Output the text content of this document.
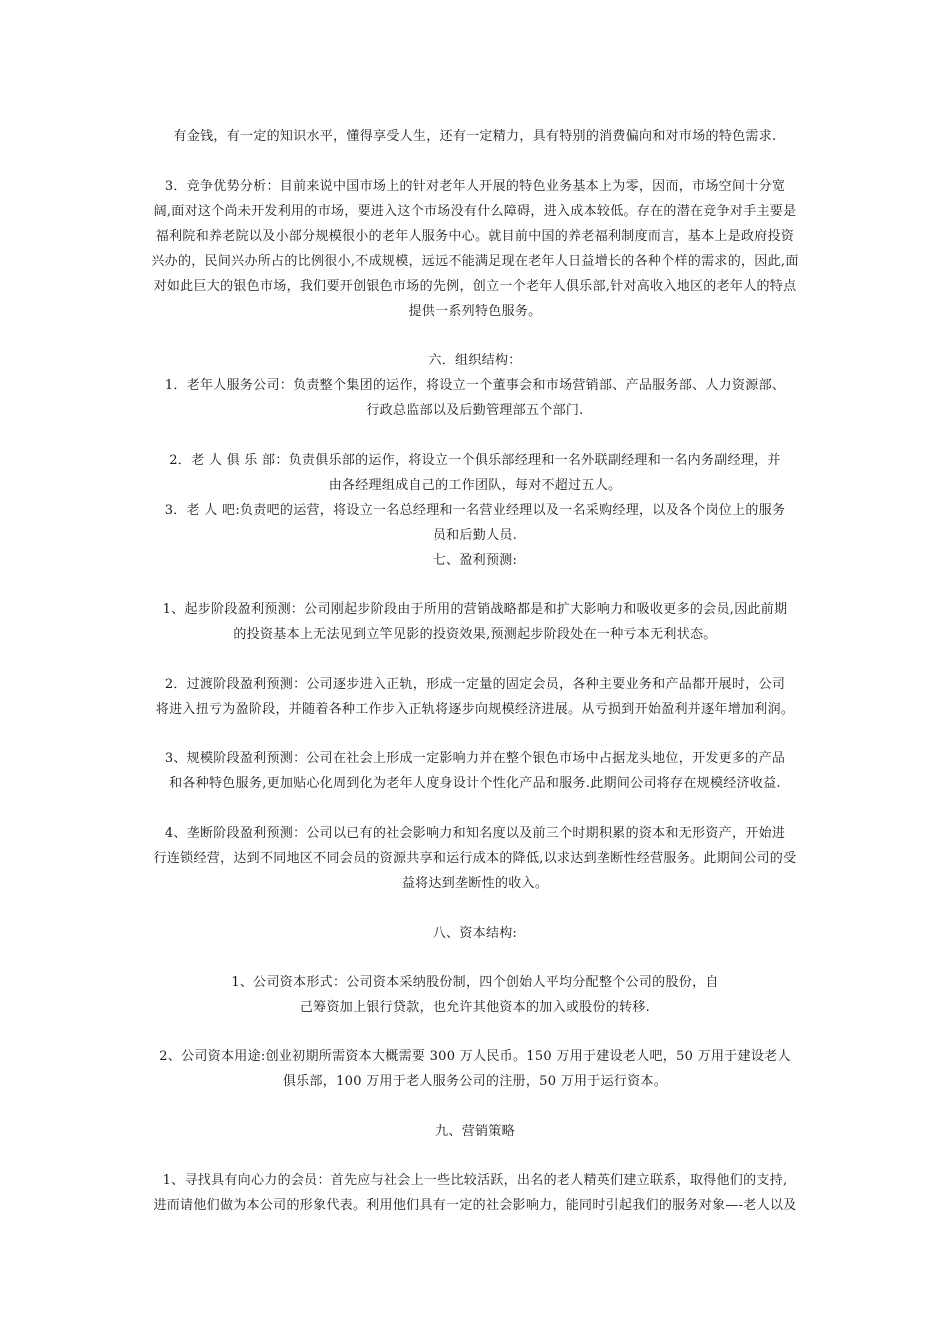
有金钱，有一定的知识水平，懂得享受人生，还有一定精力，具有特别的消费偏向和对市场的特色需求.
3．竞争优势分析：目前来说中国市场上的针对老年人开展的特色业务基本上为零，因而，市场空间十分宽
阔,面对这个尚未开发利用的市场，要进入这个市场没有什么障碍，进入成本较低。存在的潜在竞争对手主要是
福利院和养老院以及小部分规模很小的老年人服务中心。就目前中国的养老福利制度而言，基本上是政府投资
兴办的，民间兴办所占的比例很小,不成规模，远远不能满足现在老年人日益增长的各种个样的需求的，因此,面
对如此巨大的银色市场，我们要开创银色市场的先例，创立一个老年人俱乐部,针对高收入地区的老年人的特点
提供一系列特色服务。
六．组织结构：
1．老年人服务公司：负责整个集团的运作，将设立一个董事会和市场营销部、产品服务部、人力资源部、
行政总监部以及后勤管理部五个部门.
2．老 人 俱 乐 部：负责俱乐部的运作，将设立一个俱乐部经理和一名外联副经理和一名内务副经理，并
由各经理组成自己的工作团队，每对不超过五人。
3．老 人 吧:负责吧的运营，将设立一名总经理和一名营业经理以及一名采购经理，以及各个岗位上的服务
员和后勤人员.
七、盈利预测:
1、起步阶段盈利预测：公司刚起步阶段由于所用的营销战略都是和扩大影响力和吸收更多的会员,因此前期
的投资基本上无法见到立竿见影的投资效果,预测起步阶段处在一种亏本无利状态。
2．过渡阶段盈利预测：公司逐步进入正轨，形成一定量的固定会员，各种主要业务和产品都开展时，公司
将进入扭亏为盈阶段，并随着各种工作步入正轨将逐步向规模经济进展。从亏损到开始盈利并逐年增加利润。
3、规模阶段盈利预测：公司在社会上形成一定影响力并在整个银色市场中占据龙头地位，开发更多的产品
和各种特色服务,更加贴心化周到化为老年人度身设计个性化产品和服务.此期间公司将存在规模经济收益.
4、垄断阶段盈利预测：公司以已有的社会影响力和知名度以及前三个时期积累的资本和无形资产，开始进
行连锁经营，达到不同地区不同会员的资源共享和运行成本的降低,以求达到垄断性经营服务。此期间公司的受
益将达到垄断性的收入。
八、资本结构:
1、公司资本形式：公司资本采纳股份制，四个创始人平均分配整个公司的股份，自
己筹资加上银行贷款，也允许其他资本的加入或股份的转移.
2、公司资本用途:创业初期所需资本大概需要 300 万人民币。150 万用于建设老人吧，50 万用于建设老人
俱乐部，100 万用于老人服务公司的注册，50 万用于运行资本。
九、营销策略
1、寻找具有向心力的会员：首先应与社会上一些比较活跃，出名的老人精英们建立联系，取得他们的支持,
进而请他们做为本公司的形象代表。利用他们具有一定的社会影响力，能同时引起我们的服务对象—-老人以及
